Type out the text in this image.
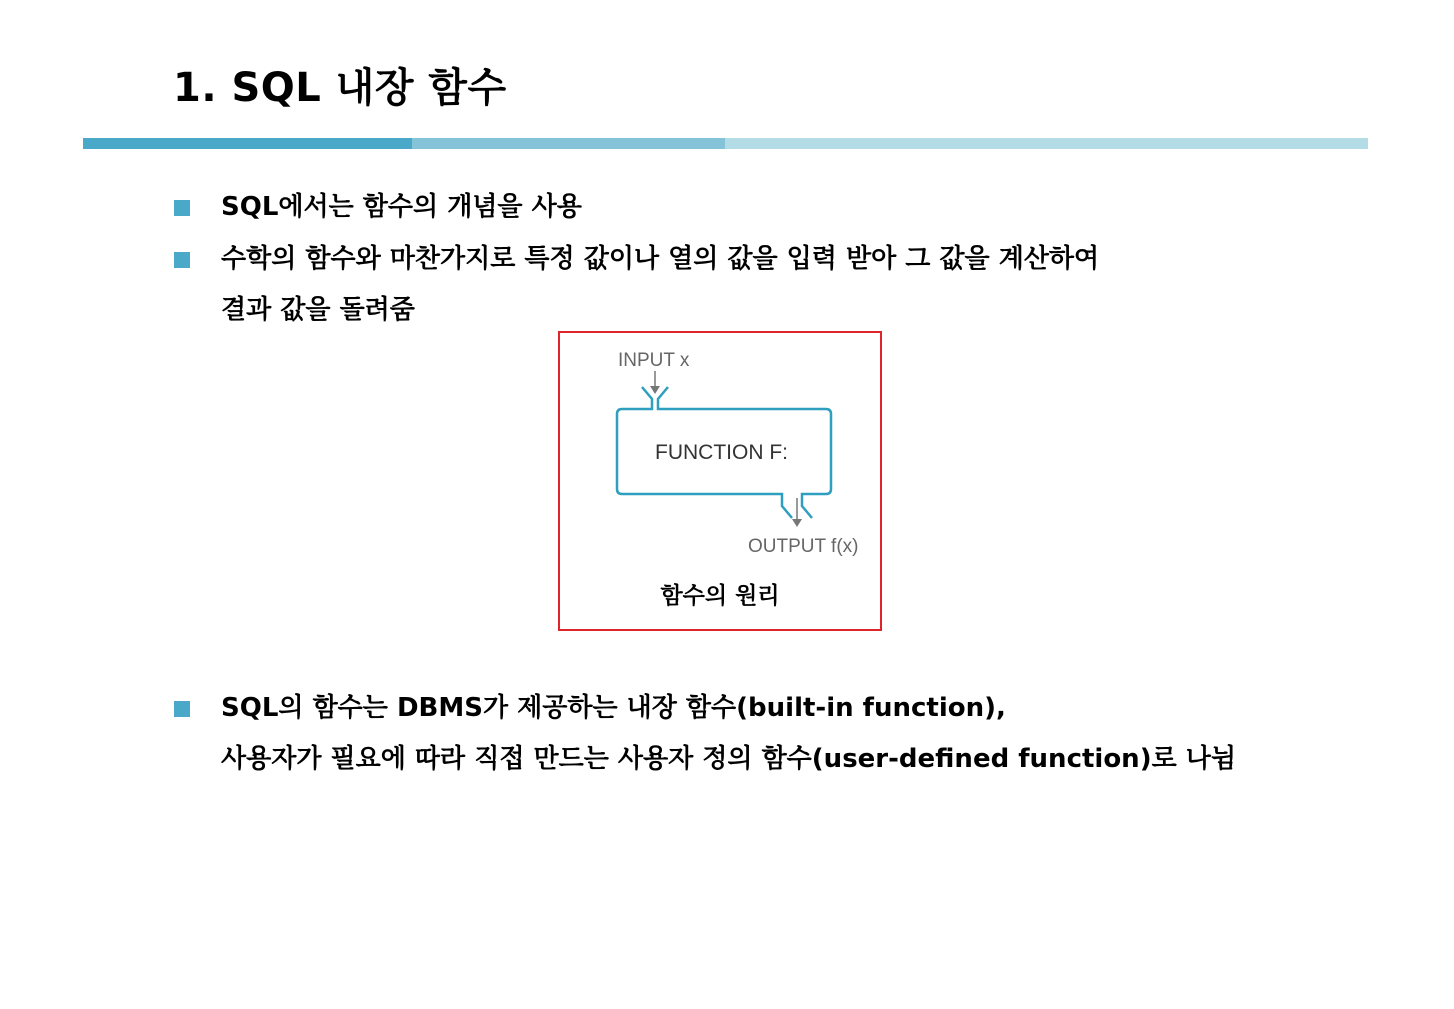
1. SQL 내장 함수
SQL에서는 함수의 개념을 사용
수학의 함수와 마찬가지로 특정 값이나 열의 값을 입력 받아 그 값을 계산하여
결과 값을 돌려줌
INPUT x
FUNCTION F:
OUTPUT f(x)
함수의 원리
SQL의 함수는 DBMS가 제공하는 내장 함수(built-in function),
사용자가 필요에 따라 직접 만드는 사용자 정의 함수(user-defined function)로 나뉨
